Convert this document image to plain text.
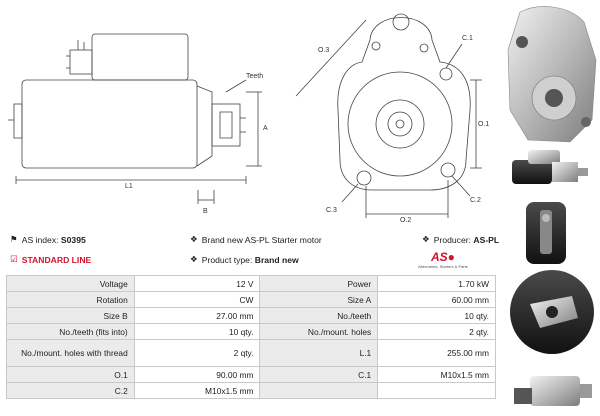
Teeth
A
L1
B
O.3
C.1
O.1
C.3
O.2
C.2
⚑ AS index:
S0395
☑ STANDARD LINE
❖ Brand new AS-PL Starter motor
❖ Product type:
Brand new
❖ Producer:
AS-PL
AS●
Alternators, Starters & Parts
Voltage	12 V	Power	1.70 kW
Rotation	CW	Size A	60.00 mm
Size B	27.00 mm	No./teeth	10 qty.
No./teeth (fits into)	10 qty.	No./mount. holes	2 qty.
No./mount. holes with thread	2 qty.	L.1	255.00 mm
O.1	90.00 mm	C.1	M10x1.5 mm
C.2	M10x1.5 mm		
